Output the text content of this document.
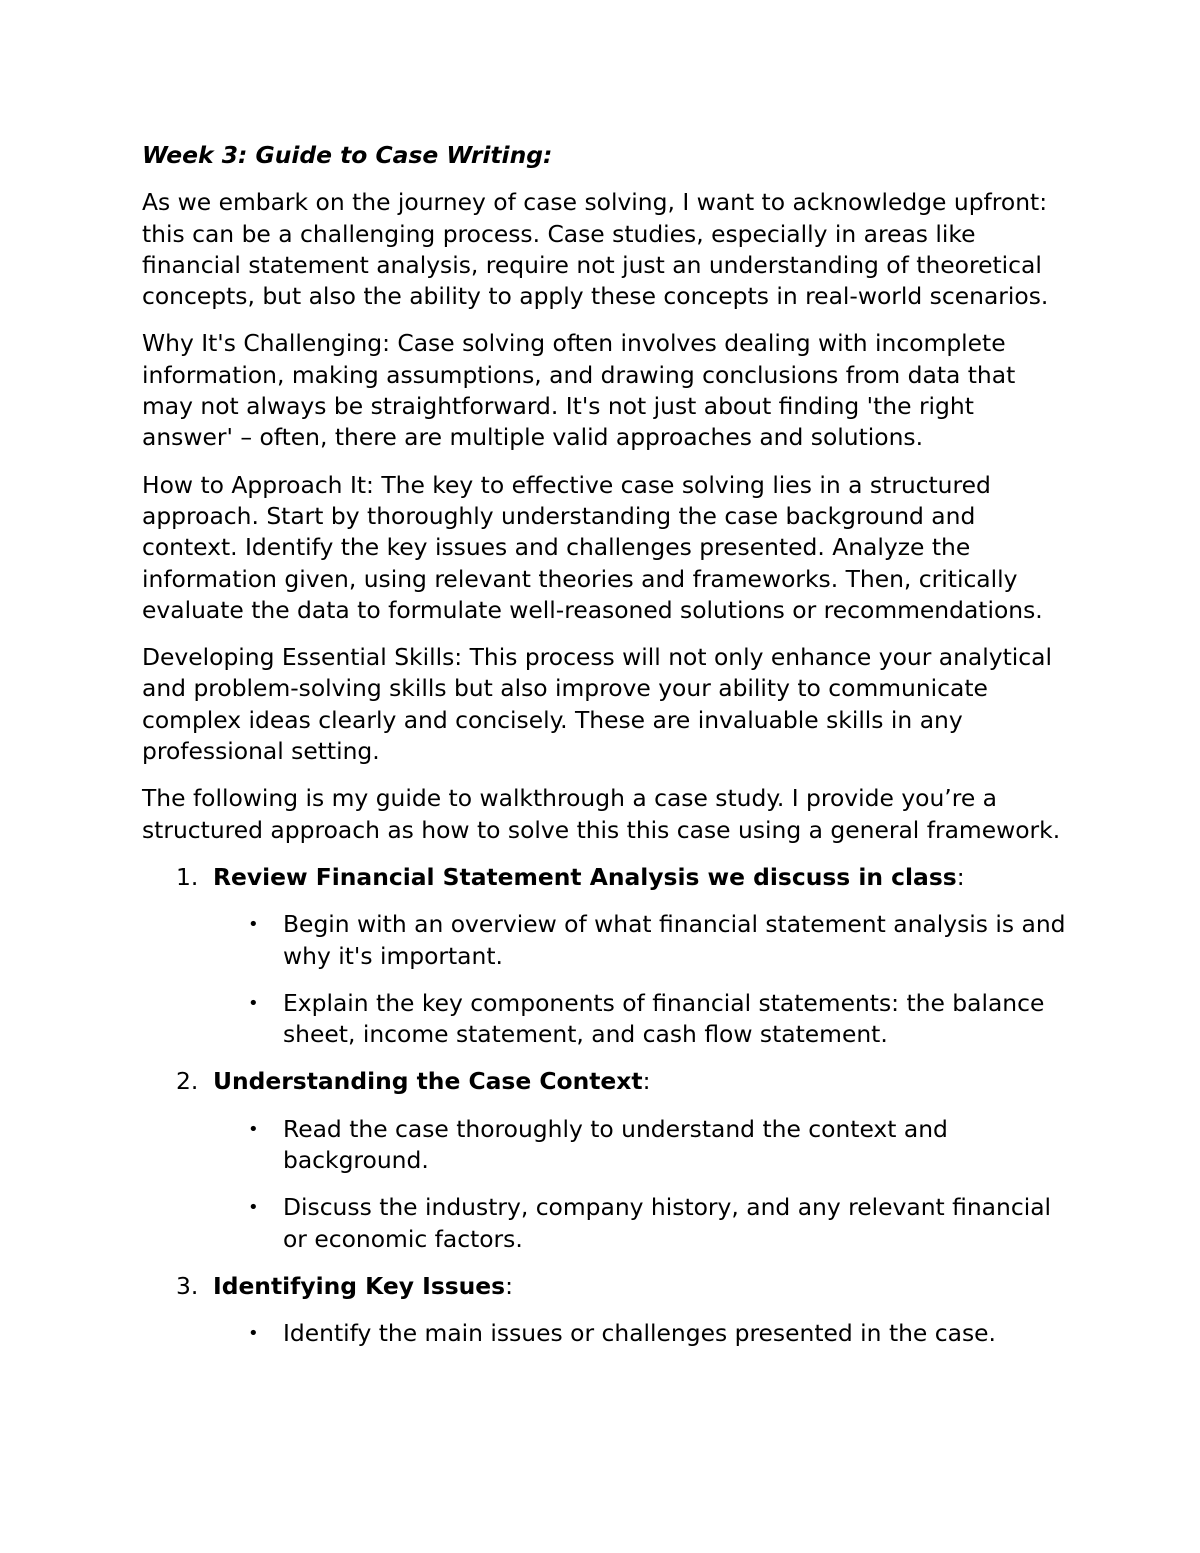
Week 3: Guide to Case Writing:

As we embark on the journey of case solving, I want to acknowledge upfront: this can be a challenging process. Case studies, especially in areas like financial statement analysis, require not just an understanding of theoretical concepts, but also the ability to apply these concepts in real-world scenarios.

Why It's Challenging: Case solving often involves dealing with incomplete information, making assumptions, and drawing conclusions from data that may not always be straightforward. It's not just about finding 'the right answer' – often, there are multiple valid approaches and solutions.

How to Approach It: The key to effective case solving lies in a structured approach. Start by thoroughly understanding the case background and context. Identify the key issues and challenges presented. Analyze the information given, using relevant theories and frameworks. Then, critically evaluate the data to formulate well-reasoned solutions or recommendations.

Developing Essential Skills: This process will not only enhance your analytical and problem-solving skills but also improve your ability to communicate complex ideas clearly and concisely. These are invaluable skills in any professional setting.

The following is my guide to walkthrough a case study. I provide you’re a structured approach as how to solve this this case using a general framework.

1. Review Financial Statement Analysis we discuss in class:
• Begin with an overview of what financial statement analysis is and why it's important.
• Explain the key components of financial statements: the balance sheet, income statement, and cash flow statement.
2. Understanding the Case Context:
• Read the case thoroughly to understand the context and background.
• Discuss the industry, company history, and any relevant financial or economic factors.
3. Identifying Key Issues:
• Identify the main issues or challenges presented in the case.
